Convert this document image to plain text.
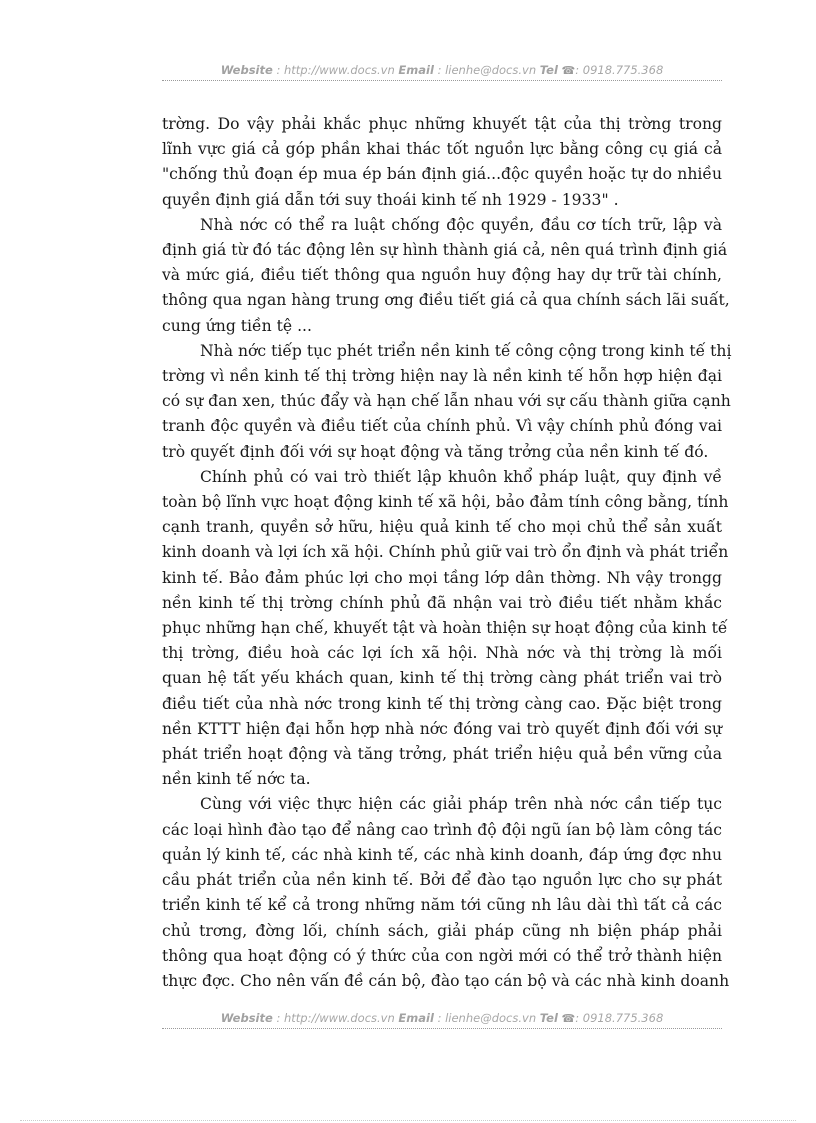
Website : http://www.docs.vn Email : lienhe@docs.vn Tel ☎: 0918.775.368

trờng. Do vậy phải khắc phục những khuyết tật của thị trờng trong
lĩnh vực giá cả góp phần khai thác tốt nguồn lực bằng công cụ giá cả
"chống thủ đoạn ép mua ép bán định giá...độc quyền hoặc tự do nhiều
quyền định giá dẫn tới suy thoái kinh tế nh 1929 - 1933" .

Nhà nớc có thể ra luật chống độc quyền, đầu cơ tích trữ, lập và
định giá từ đó tác động lên sự hình thành giá cả, nên quá trình định giá
và mức giá, điều tiết thông qua nguồn huy động hay dự trữ tài chính,
thông qua ngan hàng trung ơng điều tiết giá cả qua chính sách lãi suất,
cung ứng tiền tệ ...

Nhà nớc tiếp tục phét triển nền kinh tế công cộng trong kinh tế thị
trờng vì nền kinh tế thị trờng hiện nay là nền kinh tế hỗn hợp hiện đại
có sự đan xen, thúc đẩy và hạn chế lẫn nhau với sự cấu thành giữa cạnh
tranh độc quyền và điều tiết của chính phủ. Vì vậy chính phủ đóng vai
trò quyết định đối với sự hoạt động và tăng trởng của nền kinh tế đó.

Chính phủ có vai trò thiết lập khuôn khổ pháp luật, quy định về
toàn bộ lĩnh vực hoạt động kinh tế xã hội, bảo đảm tính công bằng, tính
cạnh tranh, quyền sở hữu, hiệu quả kinh tế cho mọi chủ thể sản xuất
kinh doanh và lợi ích xã hội. Chính phủ giữ vai trò ổn định và phát triển
kinh tế. Bảo đảm phúc lợi cho mọi tầng lớp dân thờng. Nh vậy trongg
nền kinh tế thị trờng chính phủ đã nhận vai trò điều tiết nhằm khắc
phục những hạn chế, khuyết tật và hoàn thiện sự hoạt động của kinh tế
thị trờng, điều hoà các lợi ích xã hội. Nhà nớc và thị trờng là mối
quan hệ tất yếu khách quan, kinh tế thị trờng càng phát triển vai trò
điều tiết của nhà nớc trong kinh tế thị trờng càng cao. Đặc biệt trong
nền KTTT hiện đại hỗn hợp nhà nớc đóng vai trò quyết định đối với sự
phát triển hoạt động và tăng trởng, phát triển hiệu quả bền vững của
nền kinh tế nớc ta.

Cùng với việc thực hiện các giải pháp trên nhà nớc cần tiếp tục
các loại hình đào tạo để nâng cao trình độ đội ngũ ían bộ làm công tác
quản lý kinh tế, các nhà kinh tế, các nhà kinh doanh, đáp ứng đợc nhu
cầu phát triển của nền kinh tế. Bởi để đào tạo nguồn lực cho sự phát
triển kinh tế kể cả trong những năm tới cũng nh lâu dài thì tất cả các
chủ trơng, đờng lối, chính sách, giải pháp cũng nh biện pháp phải
thông qua hoạt động có ý thức của con ngời mới có thể trở thành hiện
thực đợc. Cho nên vấn đề cán bộ, đào tạo cán bộ và các nhà kinh doanh

Website : http://www.docs.vn Email : lienhe@docs.vn Tel ☎: 0918.775.368
